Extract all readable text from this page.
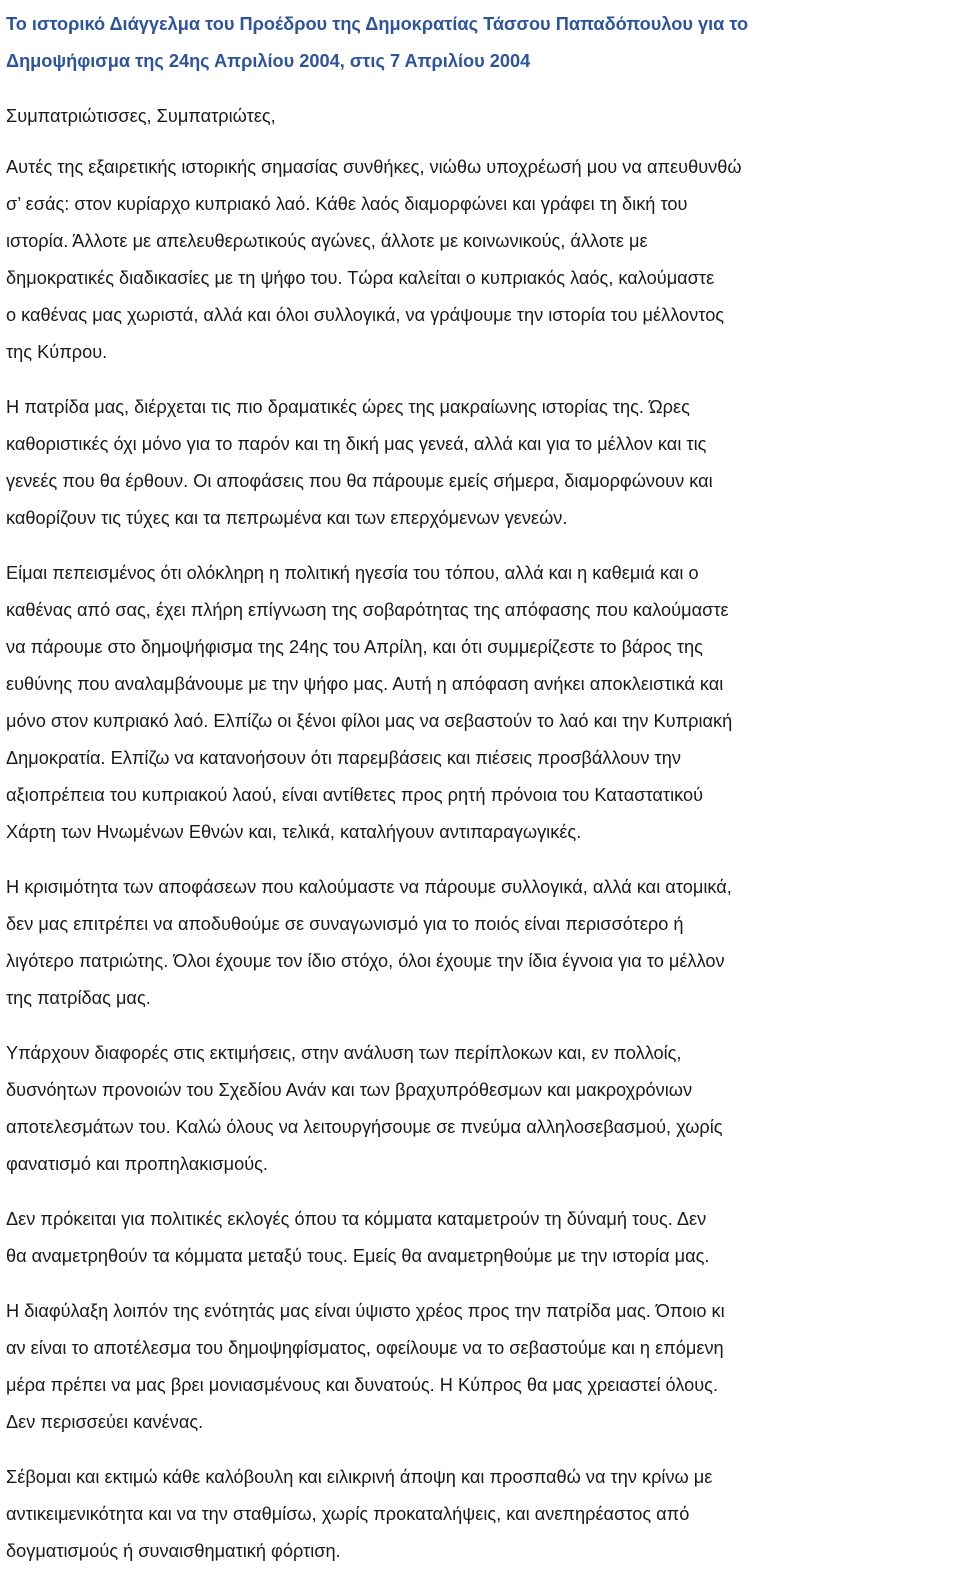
Το ιστορικό Διάγγελμα του Προέδρου της Δημοκρατίας Τάσσου Παπαδόπουλου για το
Δημοψήφισμα της 24ης Απριλίου 2004, στις 7 Απριλίου 2004
Συμπατριώτισσες, Συμπατριώτες,
Αυτές της εξαιρετικής ιστορικής σημασίας συνθήκες, νιώθω υποχρέωσή μου να απευθυνθώ
σ’ εσάς: στον κυρίαρχο κυπριακό λαό. Κάθε λαός διαμορφώνει και γράφει τη δική του
ιστορία. Άλλοτε με απελευθερωτικούς αγώνες, άλλοτε με κοινωνικούς, άλλοτε με
δημοκρατικές διαδικασίες με τη ψήφο του. Τώρα καλείται ο κυπριακός λαός, καλούμαστε
ο καθένας μας χωριστά, αλλά και όλοι συλλογικά, να γράψουμε την ιστορία του μέλλοντος
της Κύπρου.
Η πατρίδα μας, διέρχεται τις πιο δραματικές ώρες της μακραίωνης ιστορίας της. Ώρες
καθοριστικές όχι μόνο για το παρόν και τη δική μας γενεά, αλλά και για το μέλλον και τις
γενεές που θα έρθουν. Οι αποφάσεις που θα πάρουμε εμείς σήμερα, διαμορφώνουν και
καθορίζουν τις τύχες και τα πεπρωμένα και των επερχόμενων γενεών.
Είμαι πεπεισμένος ότι ολόκληρη η πολιτική ηγεσία του τόπου, αλλά και η καθεμιά και ο
καθένας από σας, έχει πλήρη επίγνωση της σοβαρότητας της απόφασης που καλούμαστε
να πάρουμε στο δημοψήφισμα της 24ης του Απρίλη, και ότι συμμερίζεστε το βάρος της
ευθύνης που αναλαμβάνουμε με την ψήφο μας. Αυτή η απόφαση ανήκει αποκλειστικά και
μόνο στον κυπριακό λαό. Ελπίζω οι ξένοι φίλοι μας να σεβαστούν το λαό και την Κυπριακή
Δημοκρατία. Ελπίζω να κατανοήσουν ότι παρεμβάσεις και πιέσεις προσβάλλουν την
αξιοπρέπεια του κυπριακού λαού, είναι αντίθετες προς ρητή πρόνοια του Καταστατικού
Χάρτη των Ηνωμένων Εθνών και, τελικά, καταλήγουν αντιπαραγωγικές.
Η κρισιμότητα των αποφάσεων που καλούμαστε να πάρουμε συλλογικά, αλλά και ατομικά,
δεν μας επιτρέπει να αποδυθούμε σε συναγωνισμό για το ποιός είναι περισσότερο ή
λιγότερο πατριώτης. Όλοι έχουμε τον ίδιο στόχο, όλοι έχουμε την ίδια έγνοια για το μέλλον
της πατρίδας μας.
Υπάρχουν διαφορές στις εκτιμήσεις, στην ανάλυση των περίπλοκων και, εν πολλοίς,
δυσνόητων προνοιών του Σχεδίου Ανάν και των βραχυπρόθεσμων και μακροχρόνιων
αποτελεσμάτων του. Καλώ όλους να λειτουργήσουμε σε πνεύμα αλληλοσεβασμού, χωρίς
φανατισμό και προπηλακισμούς.
Δεν πρόκειται για πολιτικές εκλογές όπου τα κόμματα καταμετρούν τη δύναμή τους. Δεν
θα αναμετρηθούν τα κόμματα μεταξύ τους. Εμείς θα αναμετρηθούμε με την ιστορία μας.
Η διαφύλαξη λοιπόν της ενότητάς μας είναι ύψιστο χρέος προς την πατρίδα μας. Όποιο κι
αν είναι το αποτέλεσμα του δημοψηφίσματος, οφείλουμε να το σεβαστούμε και η επόμενη
μέρα πρέπει να μας βρει μονιασμένους και δυνατούς. Η Κύπρος θα μας χρειαστεί όλους.
Δεν περισσεύει κανένας.
Σέβομαι και εκτιμώ κάθε καλόβουλη και ειλικρινή άποψη και προσπαθώ να την κρίνω με
αντικειμενικότητα και να την σταθμίσω, χωρίς προκαταλήψεις, και ανεπηρέαστος από
δογματισμούς ή συναισθηματική φόρτιση.
